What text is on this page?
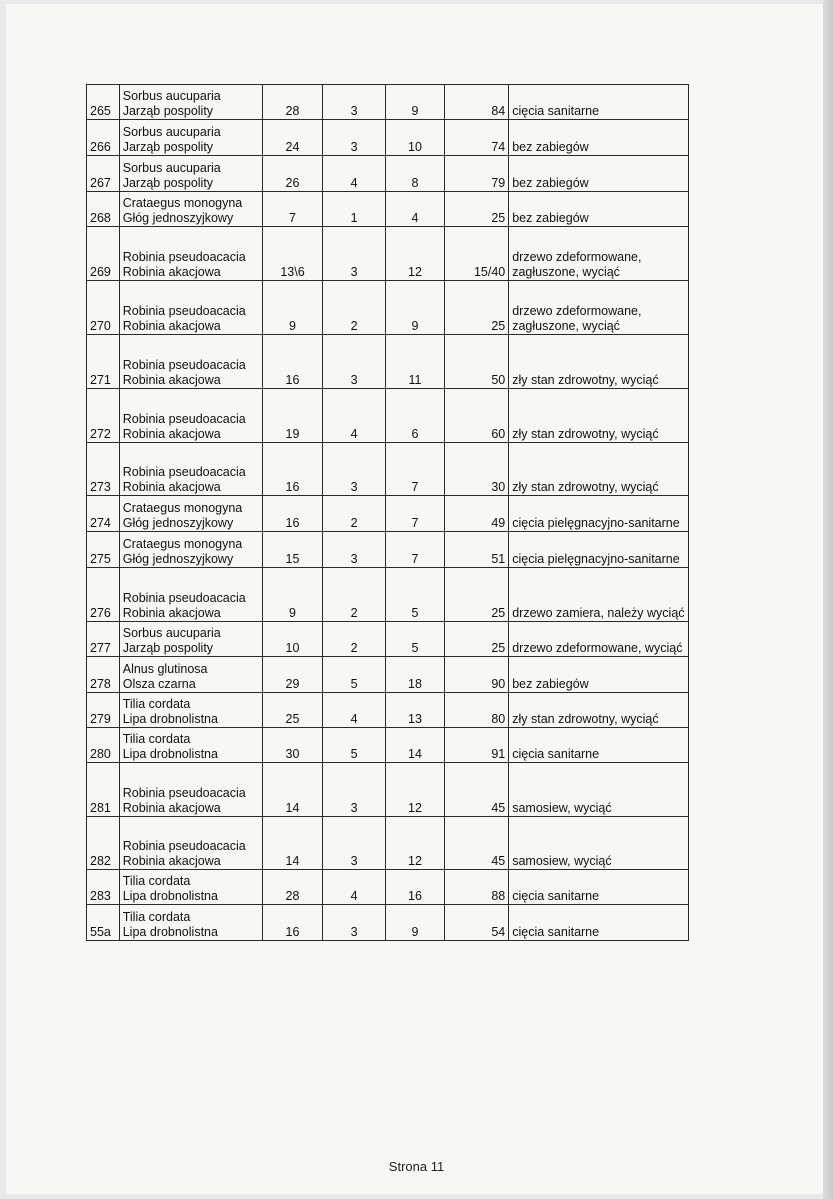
265	Sorbus aucuparia
Jarząb pospolity	28	3	9	84	cięcia sanitarne

266	Sorbus aucuparia
Jarząb pospolity	24	3	10	74	bez zabiegów

267	Sorbus aucuparia
Jarząb pospolity	26	4	8	79	bez zabiegów

268	Crataegus monogyna
Głóg jednoszyjkowy	7	1	4	25	bez zabiegów

269	Robinia pseudoacacia
Robinia akacjowa	13\6	3	12	15/40	drzewo zdeformowane,
zagłuszone, wyciąć

270	Robinia pseudoacacia
Robinia akacjowa	9	2	9	25	drzewo zdeformowane,
zagłuszone, wyciąć

271	Robinia pseudoacacia
Robinia akacjowa	16	3	11	50	zły stan zdrowotny, wyciąć

272	Robinia pseudoacacia
Robinia akacjowa	19	4	6	60	zły stan zdrowotny, wyciąć

273	Robinia pseudoacacia
Robinia akacjowa	16	3	7	30	zły stan zdrowotny, wyciąć

274	Crataegus monogyna
Głóg jednoszyjkowy	16	2	7	49	cięcia pielęgnacyjno-sanitarne

275	Crataegus monogyna
Głóg jednoszyjkowy	15	3	7	51	cięcia pielęgnacyjno-sanitarne

276	Robinia pseudoacacia
Robinia akacjowa	9	2	5	25	drzewo zamiera, należy wyciąć

277	Sorbus aucuparia
Jarząb pospolity	10	2	5	25	drzewo zdeformowane, wyciąć

278	Alnus glutinosa
Olsza czarna	29	5	18	90	bez zabiegów

279	Tilia cordata
Lipa drobnolistna	25	4	13	80	zły stan zdrowotny, wyciąć

280	Tilia cordata
Lipa drobnolistna	30	5	14	91	cięcia sanitarne

281	Robinia pseudoacacia
Robinia akacjowa	14	3	12	45	samosiew, wyciąć

282	Robinia pseudoacacia
Robinia akacjowa	14	3	12	45	samosiew, wyciąć

283	Tilia cordata
Lipa drobnolistna	28	4	16	88	cięcia sanitarne

55a	Tilia cordata
Lipa drobnolistna	16	3	9	54	cięcia sanitarne
Strona 11
